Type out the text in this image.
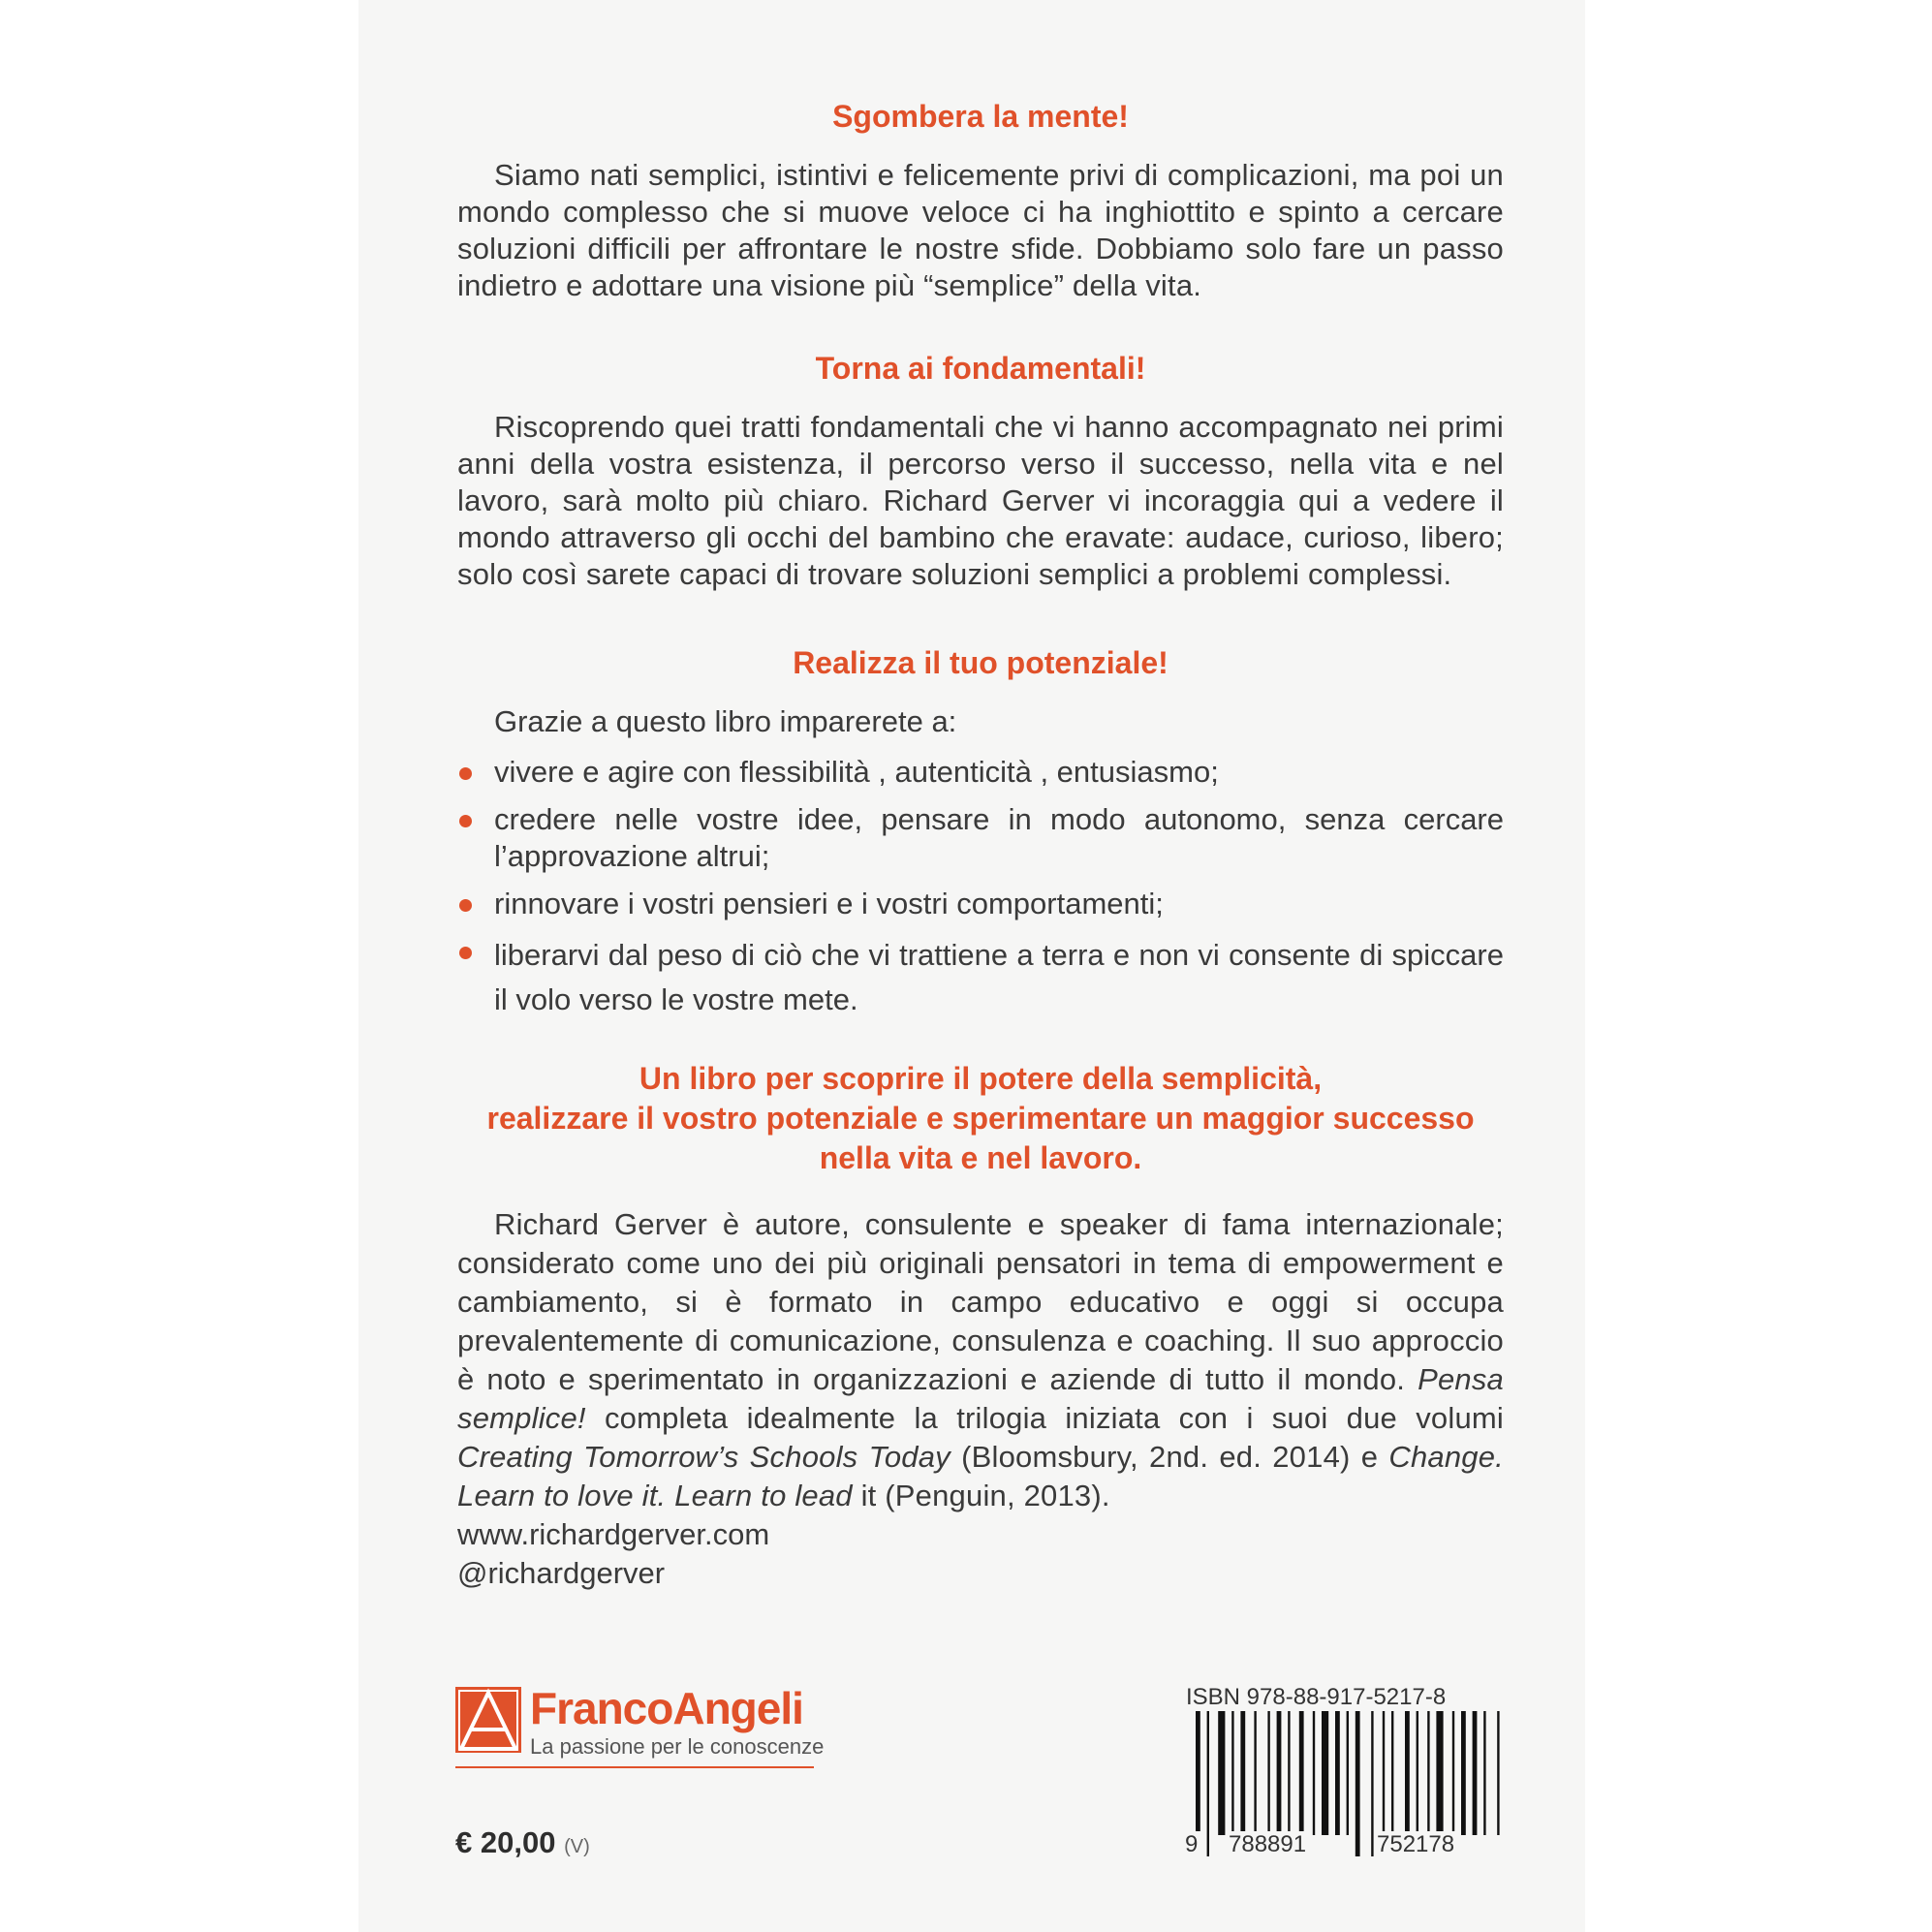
Sgombera la mente!

Siamo nati semplici, istintivi e felicemente privi di complicazioni, ma poi un mondo complesso che si muove veloce ci ha inghiottito e spinto a cercare soluzioni difficili per affrontare le nostre sfide. Dobbiamo solo fare un passo indietro e adottare una visione più “semplice” della vita.

Torna ai fondamentali!

Riscoprendo quei tratti fondamentali che vi hanno accompagnato nei primi anni della vostra esistenza, il percorso verso il successo, nella vita e nel lavoro, sarà molto più chiaro. Richard Gerver vi incoraggia qui a vedere il mondo attraverso gli occhi del bambino che eravate: audace, curioso, libero; solo così sarete capaci di trovare soluzioni semplici a problemi complessi.

Realizza il tuo potenziale!

Grazie a questo libro imparerete a:

vivere e agire con flessibilità , autenticità , entusiasmo;
credere nelle vostre idee, pensare in modo autonomo, senza cercare l’approvazione altrui;
rinnovare i vostri pensieri e i vostri comportamenti;
liberarvi dal peso di ciò che vi trattiene a terra e non vi consente di spiccare il volo verso le vostre mete.
Un libro per scoprire il potere della semplicità,
realizzare il vostro potenziale e sperimentare un maggior successo
nella vita e nel lavoro.

Richard Gerver è autore, consulente e speaker di fama internazionale; considerato come uno dei più originali pensatori in tema di empowerment e cambiamento, si è formato in campo educativo e oggi si occupa prevalentemente di comunicazione, consulenza e coaching. Il suo approccio è noto e sperimentato in organizzazioni e aziende di tutto il mondo. Pensa semplice! completa idealmente la trilogia iniziata con i suoi due volumi Creating Tomorrow’s Schools Today (Bloomsbury, 2nd. ed. 2014) e Change. Learn to love it. Learn to lead it (Penguin, 2013).

www.richardgerver.com

@richardgerver

FrancoAngeli
La passione per le conoscenze
€ 20,00 (V)
ISBN 978-88-917-5217-8
9 788891	752178
